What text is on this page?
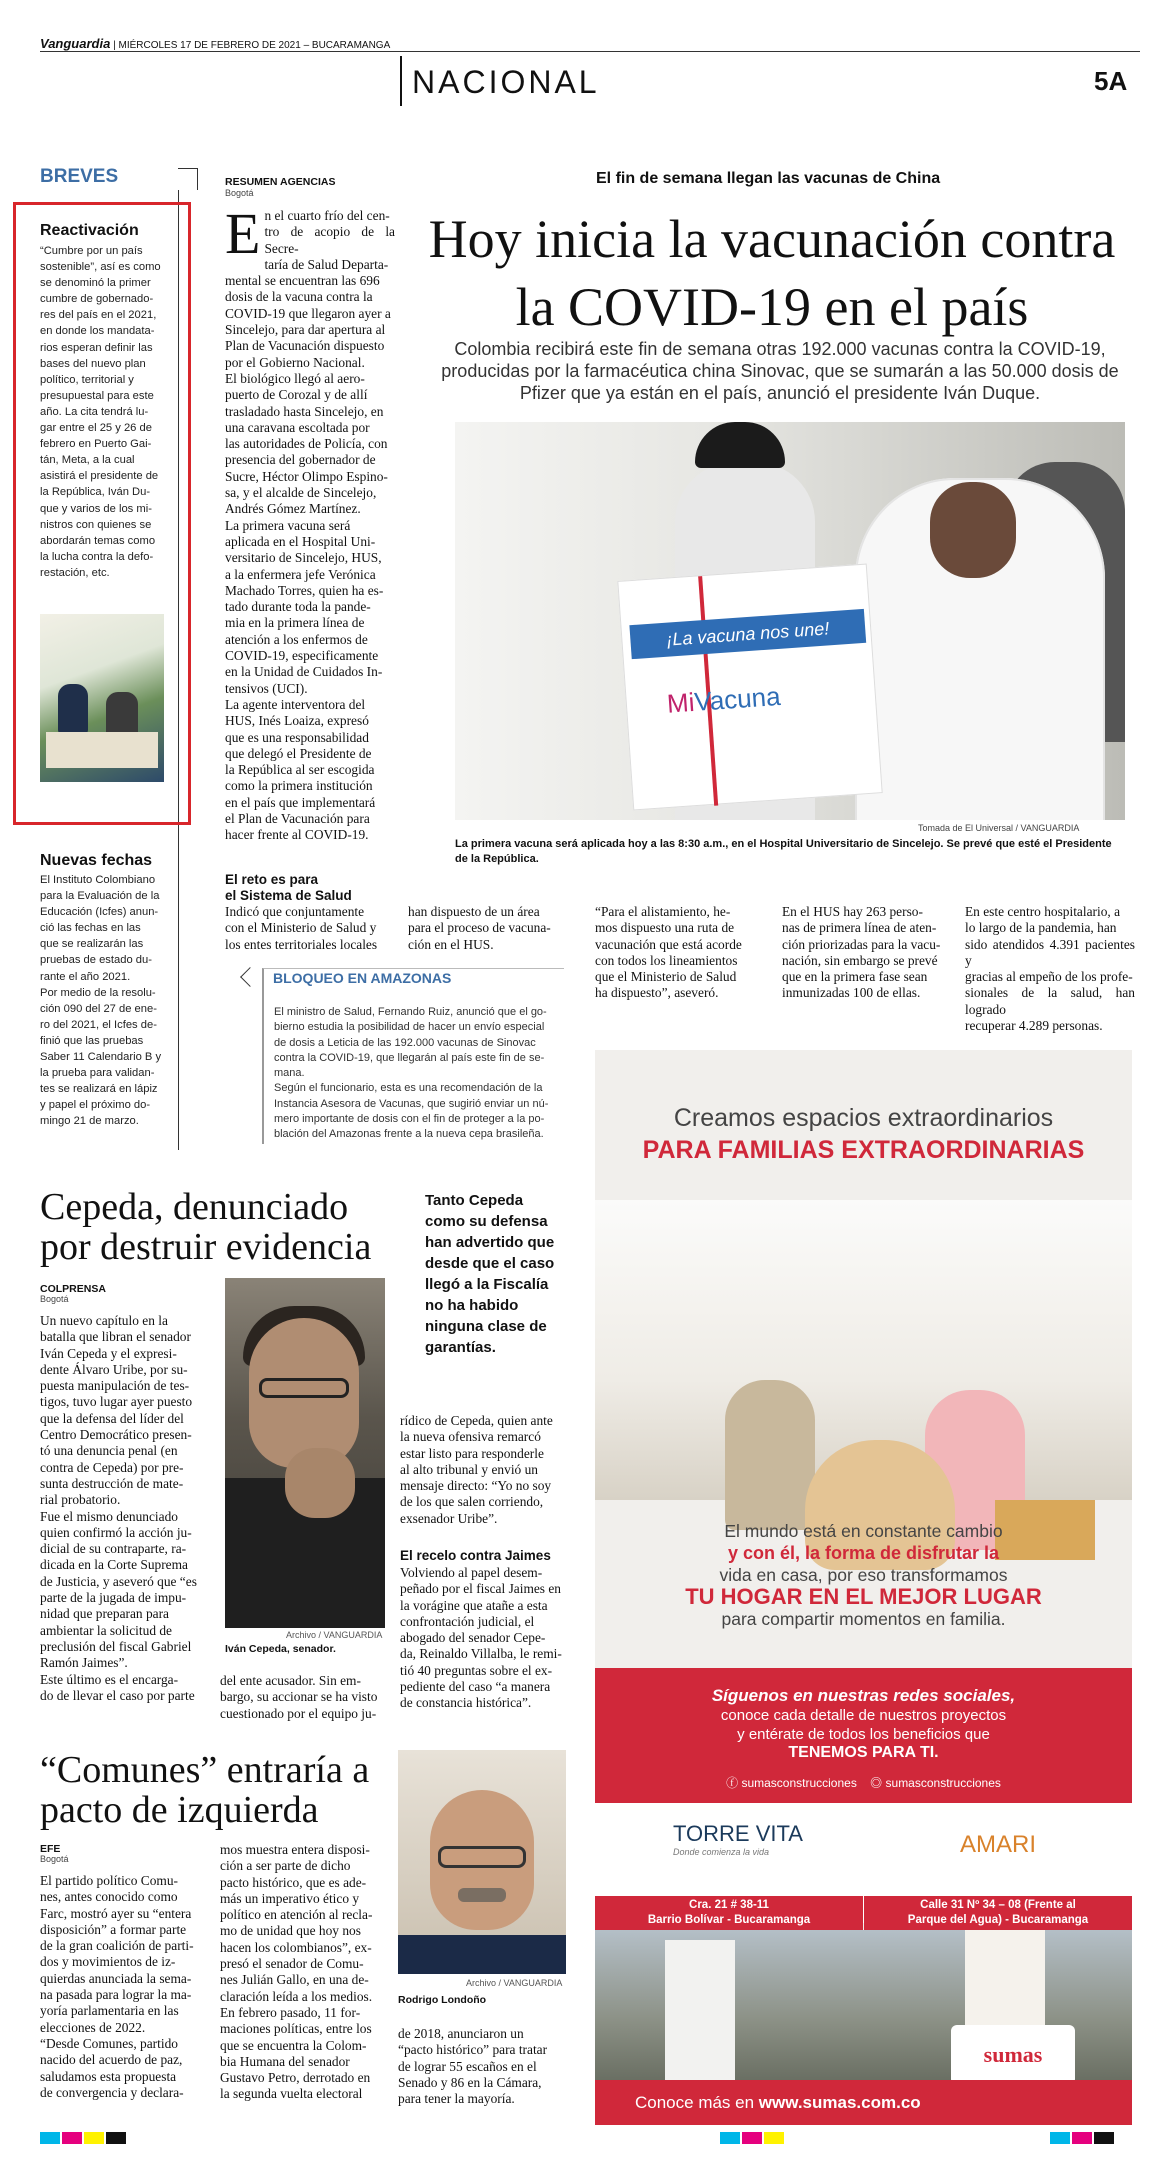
Vanguardia | MIÉRCOLES 17 DE FEBRERO DE 2021 – BUCARAMANGA
NACIONAL	5A
BREVES
Reactivación

“Cumbre por un país
sostenible”, así es como
se denominó la primer
cumbre de gobernado-
res del país en el 2021,
en donde los mandata-
rios esperan definir las
bases del nuevo plan
político, territorial y
presupuestal para este
año. La cita tendrá lu-
gar entre el 25 y 26 de
febrero en Puerto Gai-
tán, Meta, a la cual
asistirá el presidente de
la República, Iván Du-
que y varios de los mi-
nistros con quienes se
abordarán temas como
la lucha contra la defo-
restación, etc.

Nuevas fechas

El Instituto Colombiano
para la Evaluación de la
Educación (Icfes) anun-
ció las fechas en las
que se realizarán las
pruebas de estado du-
rante el año 2021.
Por medio de la resolu-
ción 090 del 27 de ene-
ro del 2021, el Icfes de-
finió que las pruebas
Saber 11 Calendario B y
la prueba para validan-
tes se realizará en lápiz
y papel el próximo do-
mingo 21 de marzo.

RESUMEN AGENCIAS
Bogotá
El fin de semana llegan las vacunas de China
Hoy inicia la vacunación contra
la COVID-19 en el país
Colombia recibirá este fin de semana otras 192.000 vacunas contra la COVID-19, producidas por la farmacéutica china Sinovac, que se sumarán a las 50.000 dosis de Pfizer que ya están en el país, anunció el presidente Iván Duque.
En el cuarto frío del cen-
tro de acopio de la Secre-
taría de Salud Departa-
mental se encuentran las 696
dosis de la vacuna contra la
COVID-19 que llegaron ayer a
Sincelejo, para dar apertura al
Plan de Vacunación dispuesto
por el Gobierno Nacional.
El biológico llegó al aero-
puerto de Corozal y de allí
trasladado hasta Sincelejo, en
una caravana escoltada por
las autoridades de Policía, con
presencia del gobernador de
Sucre, Héctor Olimpo Espino-
sa, y el alcalde de Sincelejo,
Andrés Gómez Martínez.
La primera vacuna será
aplicada en el Hospital Uni-
versitario de Sincelejo, HUS,
a la enfermera jefe Verónica
Machado Torres, quien ha es-
tado durante toda la pande-
mia en la primera línea de
atención a los enfermos de
COVID-19, especificamente
en la Unidad de Cuidados In-
tensivos (UCI).
La agente interventora del
HUS, Inés Loaiza, expresó
que es una responsabilidad
que delegó el Presidente de
la República al ser escogida
como la primera institución
en el país que implementará
el Plan de Vacunación para
hacer frente al COVID-19.

El reto es para
el Sistema de Salud

Indicó que conjuntamente
con el Ministerio de Salud y
los entes territoriales locales

han dispuesto de un área
para el proceso de vacuna-
ción en el HUS.

“Para el alistamiento, he-
mos dispuesto una ruta de
vacunación que está acorde
con todos los lineamientos
que el Ministerio de Salud
ha dispuesto”, aseveró.

En el HUS hay 263 perso-
nas de primera línea de aten-
ción priorizadas para la vacu-
nación, sin embargo se prevé
que en la primera fase sean
inmunizadas 100 de ellas.

En este centro hospitalario, a
lo largo de la pandemia, han
sido atendidos 4.391 pacientes y
gracias al empeño de los profe-
sionales de la salud, han logrado
recuperar 4.289 personas.

¡La vacuna nos une!
MiVacuna
Tomada de El Universal / VANGUARDIA
La primera vacuna será aplicada hoy a las 8:30 a.m., en el Hospital Universitario de Sincelejo. Se prevé que esté el Presidente de la República.
BLOQUEO EN AMAZONAS

El ministro de Salud, Fernando Ruiz, anunció que el go-
bierno estudia la posibilidad de hacer un envío especial
de dosis a Leticia de las 192.000 vacunas de Sinovac
contra la COVID-19, que llegarán al país este fin de se-
mana.
Según el funcionario, esta es una recomendación de la
Instancia Asesora de Vacunas, que sugirió enviar un nú-
mero importante de dosis con el fin de proteger a la po-
blación del Amazonas frente a la nueva cepa brasileña.

Cepeda, denunciado
por destruir evidencia

COLPRENSA
Bogotá

Tanto Cepeda
como su defensa
han advertido que
desde que el caso
llegó a la Fiscalía
no ha habido
ninguna clase de
garantías.

Archivo / VANGUARDIA
Iván Cepeda, senador.

Un nuevo capítulo en la
batalla que libran el senador
Iván Cepeda y el expresi-
dente Álvaro Uribe, por su-
puesta manipulación de tes-
tigos, tuvo lugar ayer puesto
que la defensa del líder del
Centro Democrático presen-
tó una denuncia penal (en
contra de Cepeda) por pre-
sunta destrucción de mate-
rial probatorio.
Fue el mismo denunciado
quien confirmó la acción ju-
dicial de su contraparte, ra-
dicada en la Corte Suprema
de Justicia, y aseveró que “es
parte de la jugada de impu-
nidad que preparan para
ambientar la solicitud de
preclusión del fiscal Gabriel
Ramón Jaimes”.
Este último es el encarga-
do de llevar el caso por parte

del ente acusador. Sin em-
bargo, su accionar se ha visto
cuestionado por el equipo ju-

rídico de Cepeda, quien ante
la nueva ofensiva remarcó
estar listo para responderle
al alto tribunal y envió un
mensaje directo: “Yo no soy
de los que salen corriendo,
exsenador Uribe”.

El recelo contra Jaimes

Volviendo al papel desem-
peñado por el fiscal Jaimes en
la vorágine que atañe a esta
confrontación judicial, el
abogado del senador Cepe-
da, Reinaldo Villalba, le remi-
tió 40 preguntas sobre el ex-
pediente del caso “a manera
de constancia histórica”.

“Comunes” entraría a
pacto de izquierda

EFE
Bogotá

El partido político Comu-
nes, antes conocido como
Farc, mostró ayer su “entera
disposición” a formar parte
de la gran coalición de parti-
dos y movimientos de iz-
quierdas anunciada la sema-
na pasada para lograr la ma-
yoría parlamentaria en las
elecciones de 2022.
“Desde Comunes, partido
nacido del acuerdo de paz,
saludamos esta propuesta
de convergencia y declara-

mos muestra entera disposi-
ción a ser parte de dicho
pacto histórico, que es ade-
más un imperativo ético y
político en atención al recla-
mo de unidad que hoy nos
hacen los colombianos”, ex-
presó el senador de Comu-
nes Julián Gallo, en una de-
claración leída a los medios.
En febrero pasado, 11 for-
maciones políticas, entre los
que se encuentra la Colom-
bia Humana del senador
Gustavo Petro, derrotado en
la segunda vuelta electoral

Archivo / VANGUARDIA
Rodrigo Londoño

de 2018, anunciaron un
“pacto histórico” para tratar
de lograr 55 escaños en el
Senado y 86 en la Cámara,
para tener la mayoría.

Creamos espacios extraordinarios
PARA FAMILIAS EXTRAORDINARIAS
El mundo está en constante cambio
y con él, la forma de disfrutar la
vida en casa, por eso transformamos
TU HOGAR EN EL MEJOR LUGAR
para compartir momentos en familia.
Síguenos en nuestras redes sociales,
conoce cada detalle de nuestros proyectos
y entérate de todos los beneficios que
TENEMOS PARA TI.
ⓕ sumasconstrucciones ◎ sumasconstrucciones
TORRE VITA
Donde comienza la vida	AMARI

Cra. 21 # 38-11
Barrio Bolívar - Bucaramanga

Calle 31 Nº 34 – 08 (Frente al
Parque del Agua) - Bucaramanga

sumas
Conoce más en www.sumas.com.co
